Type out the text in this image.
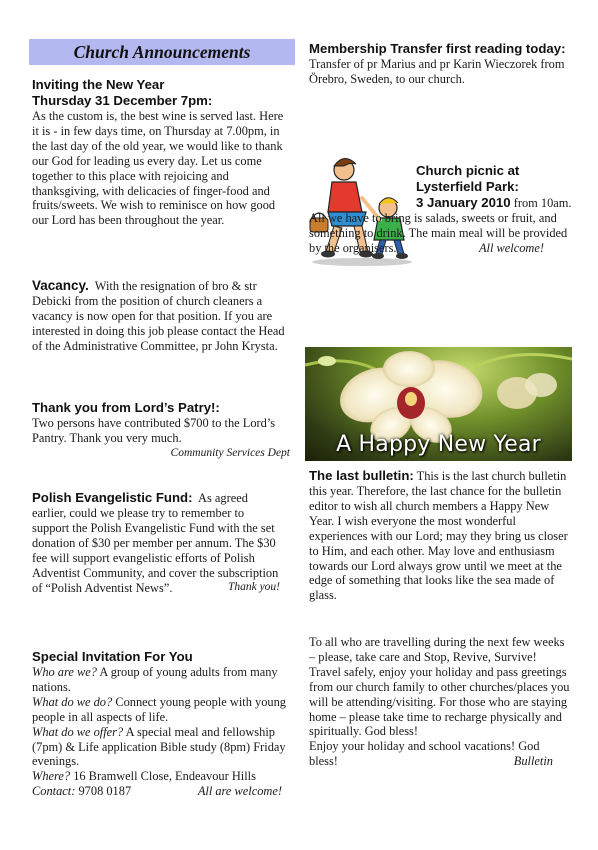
Church Announcements
Inviting the New Year
Thursday 31 December 7pm:

As the custom is, the best wine is served last. Here it is - in few days time, on Thursday at 7.00pm, in the last day of the old year, we would like to thank our God for leading us every day. Let us come together to this place with rejoicing and thanksgiving, with delicacies of finger-food and fruits/sweets. We wish to reminisce on how good our Lord has been throughout the year.

Vacancy. With the resignation of bro & str Debicki from the position of church cleaners a vacancy is now open for that position. If you are interested in doing this job please contact the Head of the Administrative Committee, pr John Krysta.

Thank you from Lord’s Patry!:

Two persons have contributed $700 to the Lord’s Pantry. Thank you very much.

Community Services Dept

Polish Evangelistic Fund: As agreed earlier, could we please try to remember to support the Polish Evangelistic Fund with the set donation of $30 per member per annum. The $30 fee will support evangelistic efforts of Polish Adventist Community, and cover the subscription of “Polish Adventist News”.	Thank you!

Special Invitation For You

Who are we? A group of young adults from many nations.

What do we do? Connect young people with young people in all aspects of life.

What do we offer? A special meal and fellowship (7pm) & Life application Bible study (8pm) Friday evenings.

Where? 16 Bramwell Close, Endeavour Hills

Contact: 9708 0187	All are welcome!

Membership Transfer first reading today:

Transfer of pr Marius and pr Karin Wieczorek from Örebro, Sweden, to our church.

Church picnic at
Lysterfield Park:

3 January 2010 from 10am. All we have to bring is salads, sweets or fruit, and something to drink. The main meal will be provided by the organisers.	All welcome!

A Happy New Year

The last bulletin: This is the last church bulletin this year. Therefore, the last chance for the bulletin editor to wish all church members a Happy New Year. I wish everyone the most wonderful experiences with our Lord; may they bring us closer to Him, and each other. May love and enthusiasm towards our Lord always grow until we meet at the edge of something that looks like the sea made of glass.

To all who are travelling during the next few weeks – please, take care and Stop, Revive, Survive! Travel safely, enjoy your holiday and pass greetings from our church family to other churches/places you will be attending/visiting. For those who are staying home – please take time to recharge physically and spiritually. God bless!

Enjoy your holiday and school vacations! God bless!	Bulletin
